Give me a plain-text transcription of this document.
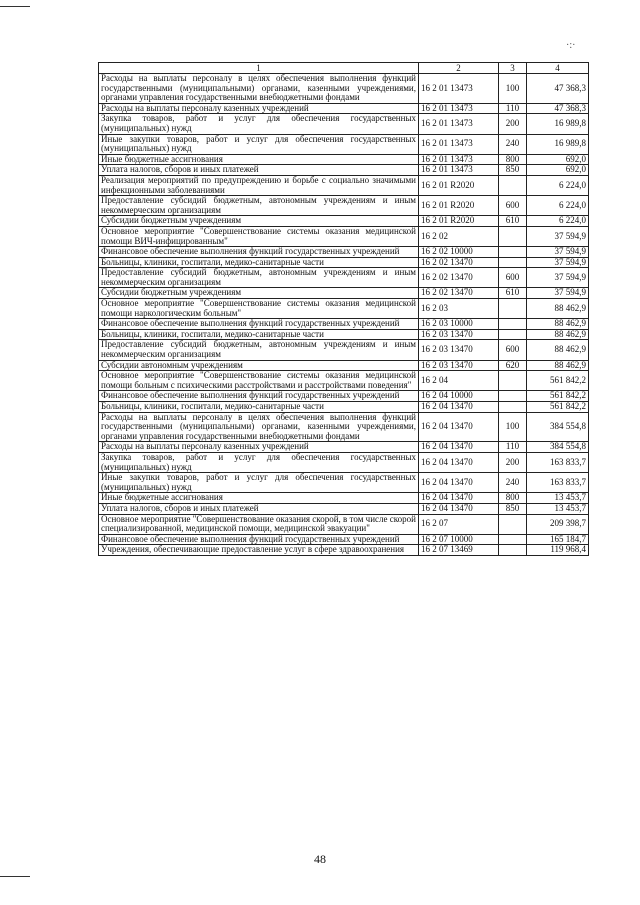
·:·
1	2	3	4
Расходы на выплаты персоналу в целях обеспечения выполнения функций государственными (муниципальными) органами, казенными учреждениями, органами управления государственными внебюджетными фондами	16 2 01 13473	100	47 368,3
Расходы на выплаты персоналу казенных учреждений	16 2 01 13473	110	47 368,3
Закупка товаров, работ и услуг для обеспечения государственных (муниципальных) нужд	16 2 01 13473	200	16 989,8
Иные закупки товаров, работ и услуг для обеспечения государственных (муниципальных) нужд	16 2 01 13473	240	16 989,8
Иные бюджетные ассигнования	16 2 01 13473	800	692,0
Уплата налогов, сборов и иных платежей	16 2 01 13473	850	692,0
Реализация мероприятий по предупреждению и борьбе с социально значимыми инфекционными заболеваниями	16 2 01 R2020		6 224,0
Предоставление субсидий бюджетным, автономным учреждениям и иным некоммерческим организациям	16 2 01 R2020	600	6 224,0
Субсидии бюджетным учреждениям	16 2 01 R2020	610	6 224,0
Основное мероприятие "Совершенствование системы оказания медицинской помощи ВИЧ-инфицированным"	16 2 02		37 594,9
Финансовое обеспечение выполнения функций государственных учреждений	16 2 02 10000		37 594,9
Больницы, клиники, госпитали, медико-санитарные части	16 2 02 13470		37 594,9
Предоставление субсидий бюджетным, автономным учреждениям и иным некоммерческим организациям	16 2 02 13470	600	37 594,9
Субсидии бюджетным учреждениям	16 2 02 13470	610	37 594,9
Основное мероприятие "Совершенствование системы оказания медицинской помощи наркологическим больным"	16 2 03		88 462,9
Финансовое обеспечение выполнения функций государственных учреждений	16 2 03 10000		88 462,9
Больницы, клиники, госпитали, медико-санитарные части	16 2 03 13470		88 462,9
Предоставление субсидий бюджетным, автономным учреждениям и иным некоммерческим организациям	16 2 03 13470	600	88 462,9
Субсидии автономным учреждениям	16 2 03 13470	620	88 462,9
Основное мероприятие "Совершенствование системы оказания медицинской помощи больным с психическими расстройствами и расстройствами поведения"	16 2 04		561 842,2
Финансовое обеспечение выполнения функций государственных учреждений	16 2 04 10000		561 842,2
Больницы, клиники, госпитали, медико-санитарные части	16 2 04 13470		561 842,2
Расходы на выплаты персоналу в целях обеспечения выполнения функций государственными (муниципальными) органами, казенными учреждениями, органами управления государственными внебюджетными фондами	16 2 04 13470	100	384 554,8
Расходы на выплаты персоналу казенных учреждений	16 2 04 13470	110	384 554,8
Закупка товаров, работ и услуг для обеспечения государственных (муниципальных) нужд	16 2 04 13470	200	163 833,7
Иные закупки товаров, работ и услуг для обеспечения государственных (муниципальных) нужд	16 2 04 13470	240	163 833,7
Иные бюджетные ассигнования	16 2 04 13470	800	13 453,7
Уплата налогов, сборов и иных платежей	16 2 04 13470	850	13 453,7
Основное мероприятие "Совершенствование оказания скорой, в том числе скорой специализированной, медицинской помощи, медицинской эвакуации"	16 2 07		209 398,7
Финансовое обеспечение выполнения функций государственных учреждений	16 2 07 10000		165 184,7
Учреждения, обеспечивающие предоставление услуг в сфере здравоохранения	16 2 07 13469		119 968,4
48
